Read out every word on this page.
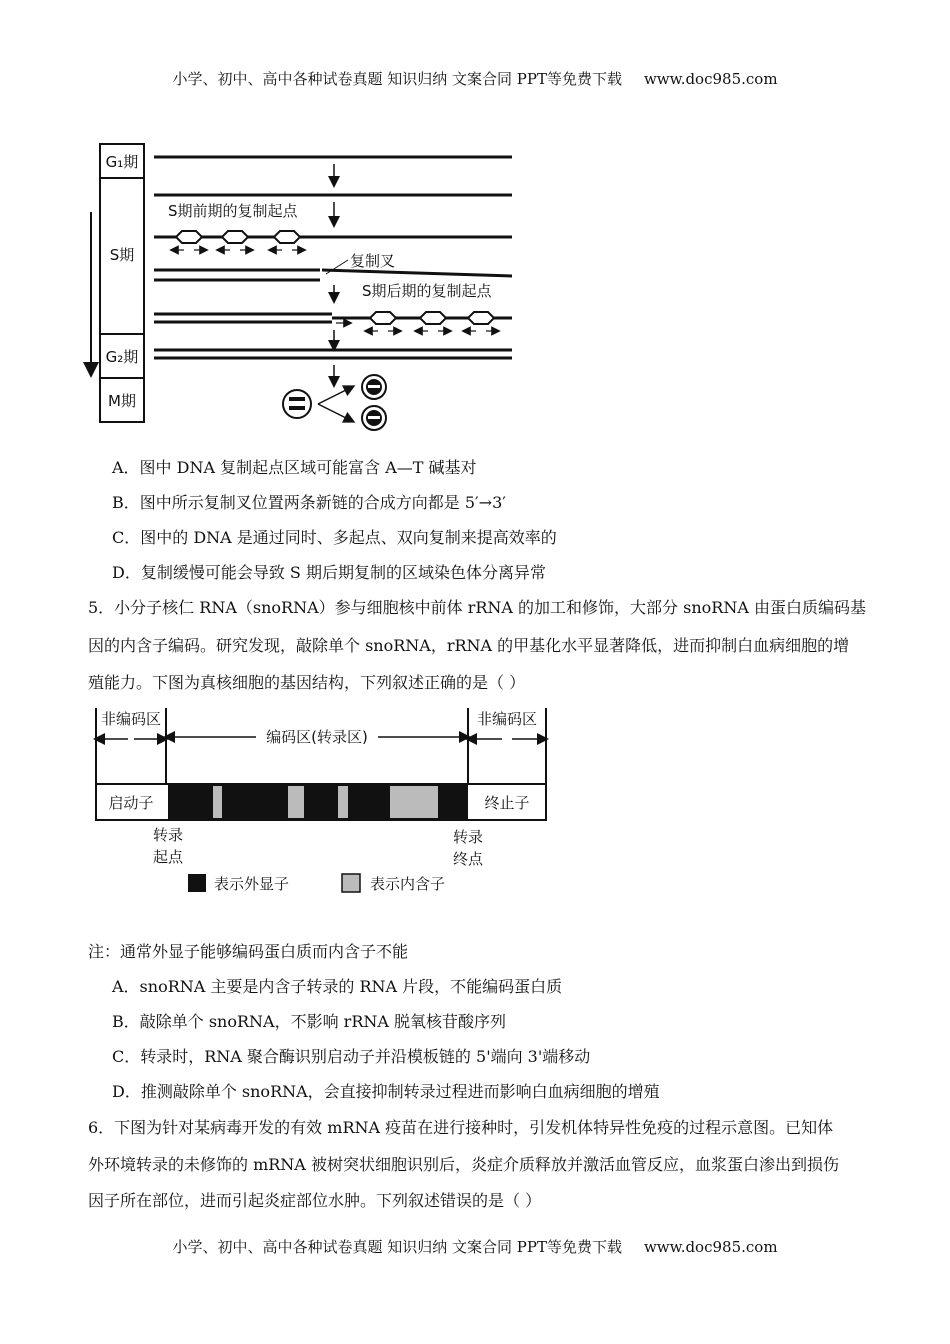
小学、初中、高中各种试卷真题 知识归纳 文案合同 PPT等免费下载 www.doc985.com
G₁期
S期
G₂期
M期
S期前期的复制起点
复制叉
S期后期的复制起点
A．图中 DNA 复制起点区域可能富含 A—T 碱基对
B．图中所示复制叉位置两条新链的合成方向都是 5′→3′
C．图中的 DNA 是通过同时、多起点、双向复制来提高效率的
D．复制缓慢可能会导致 S 期后期复制的区域染色体分离异常
5．小分子核仁 RNA（snoRNA）参与细胞核中前体 rRNA 的加工和修饰，大部分 snoRNA 由蛋白质编码基
因的内含子编码。研究发现，敲除单个 snoRNA，rRNA 的甲基化水平显著降低，进而抑制白血病细胞的增
殖能力。下图为真核细胞的基因结构，下列叙述正确的是（ ）
非编码区
编码区(转录区)
非编码区
启动子	终止子
转录
起点
转录
终点
表示外显子	表示内含子
注：通常外显子能够编码蛋白质而内含子不能
A．snoRNA 主要是内含子转录的 RNA 片段，不能编码蛋白质
B．敲除单个 snoRNA，不影响 rRNA 脱氧核苷酸序列
C．转录时，RNA 聚合酶识别启动子并沿模板链的 5'端向 3'端移动
D．推测敲除单个 snoRNA，会直接抑制转录过程进而影响白血病细胞的增殖
6．下图为针对某病毒开发的有效 mRNA 疫苗在进行接种时，引发机体特异性免疫的过程示意图。已知体
外环境转录的未修饰的 mRNA 被树突状细胞识别后，炎症介质释放并激活血管反应，血浆蛋白渗出到损伤
因子所在部位，进而引起炎症部位水肿。下列叙述错误的是（ ）
小学、初中、高中各种试卷真题 知识归纳 文案合同 PPT等免费下载 www.doc985.com
